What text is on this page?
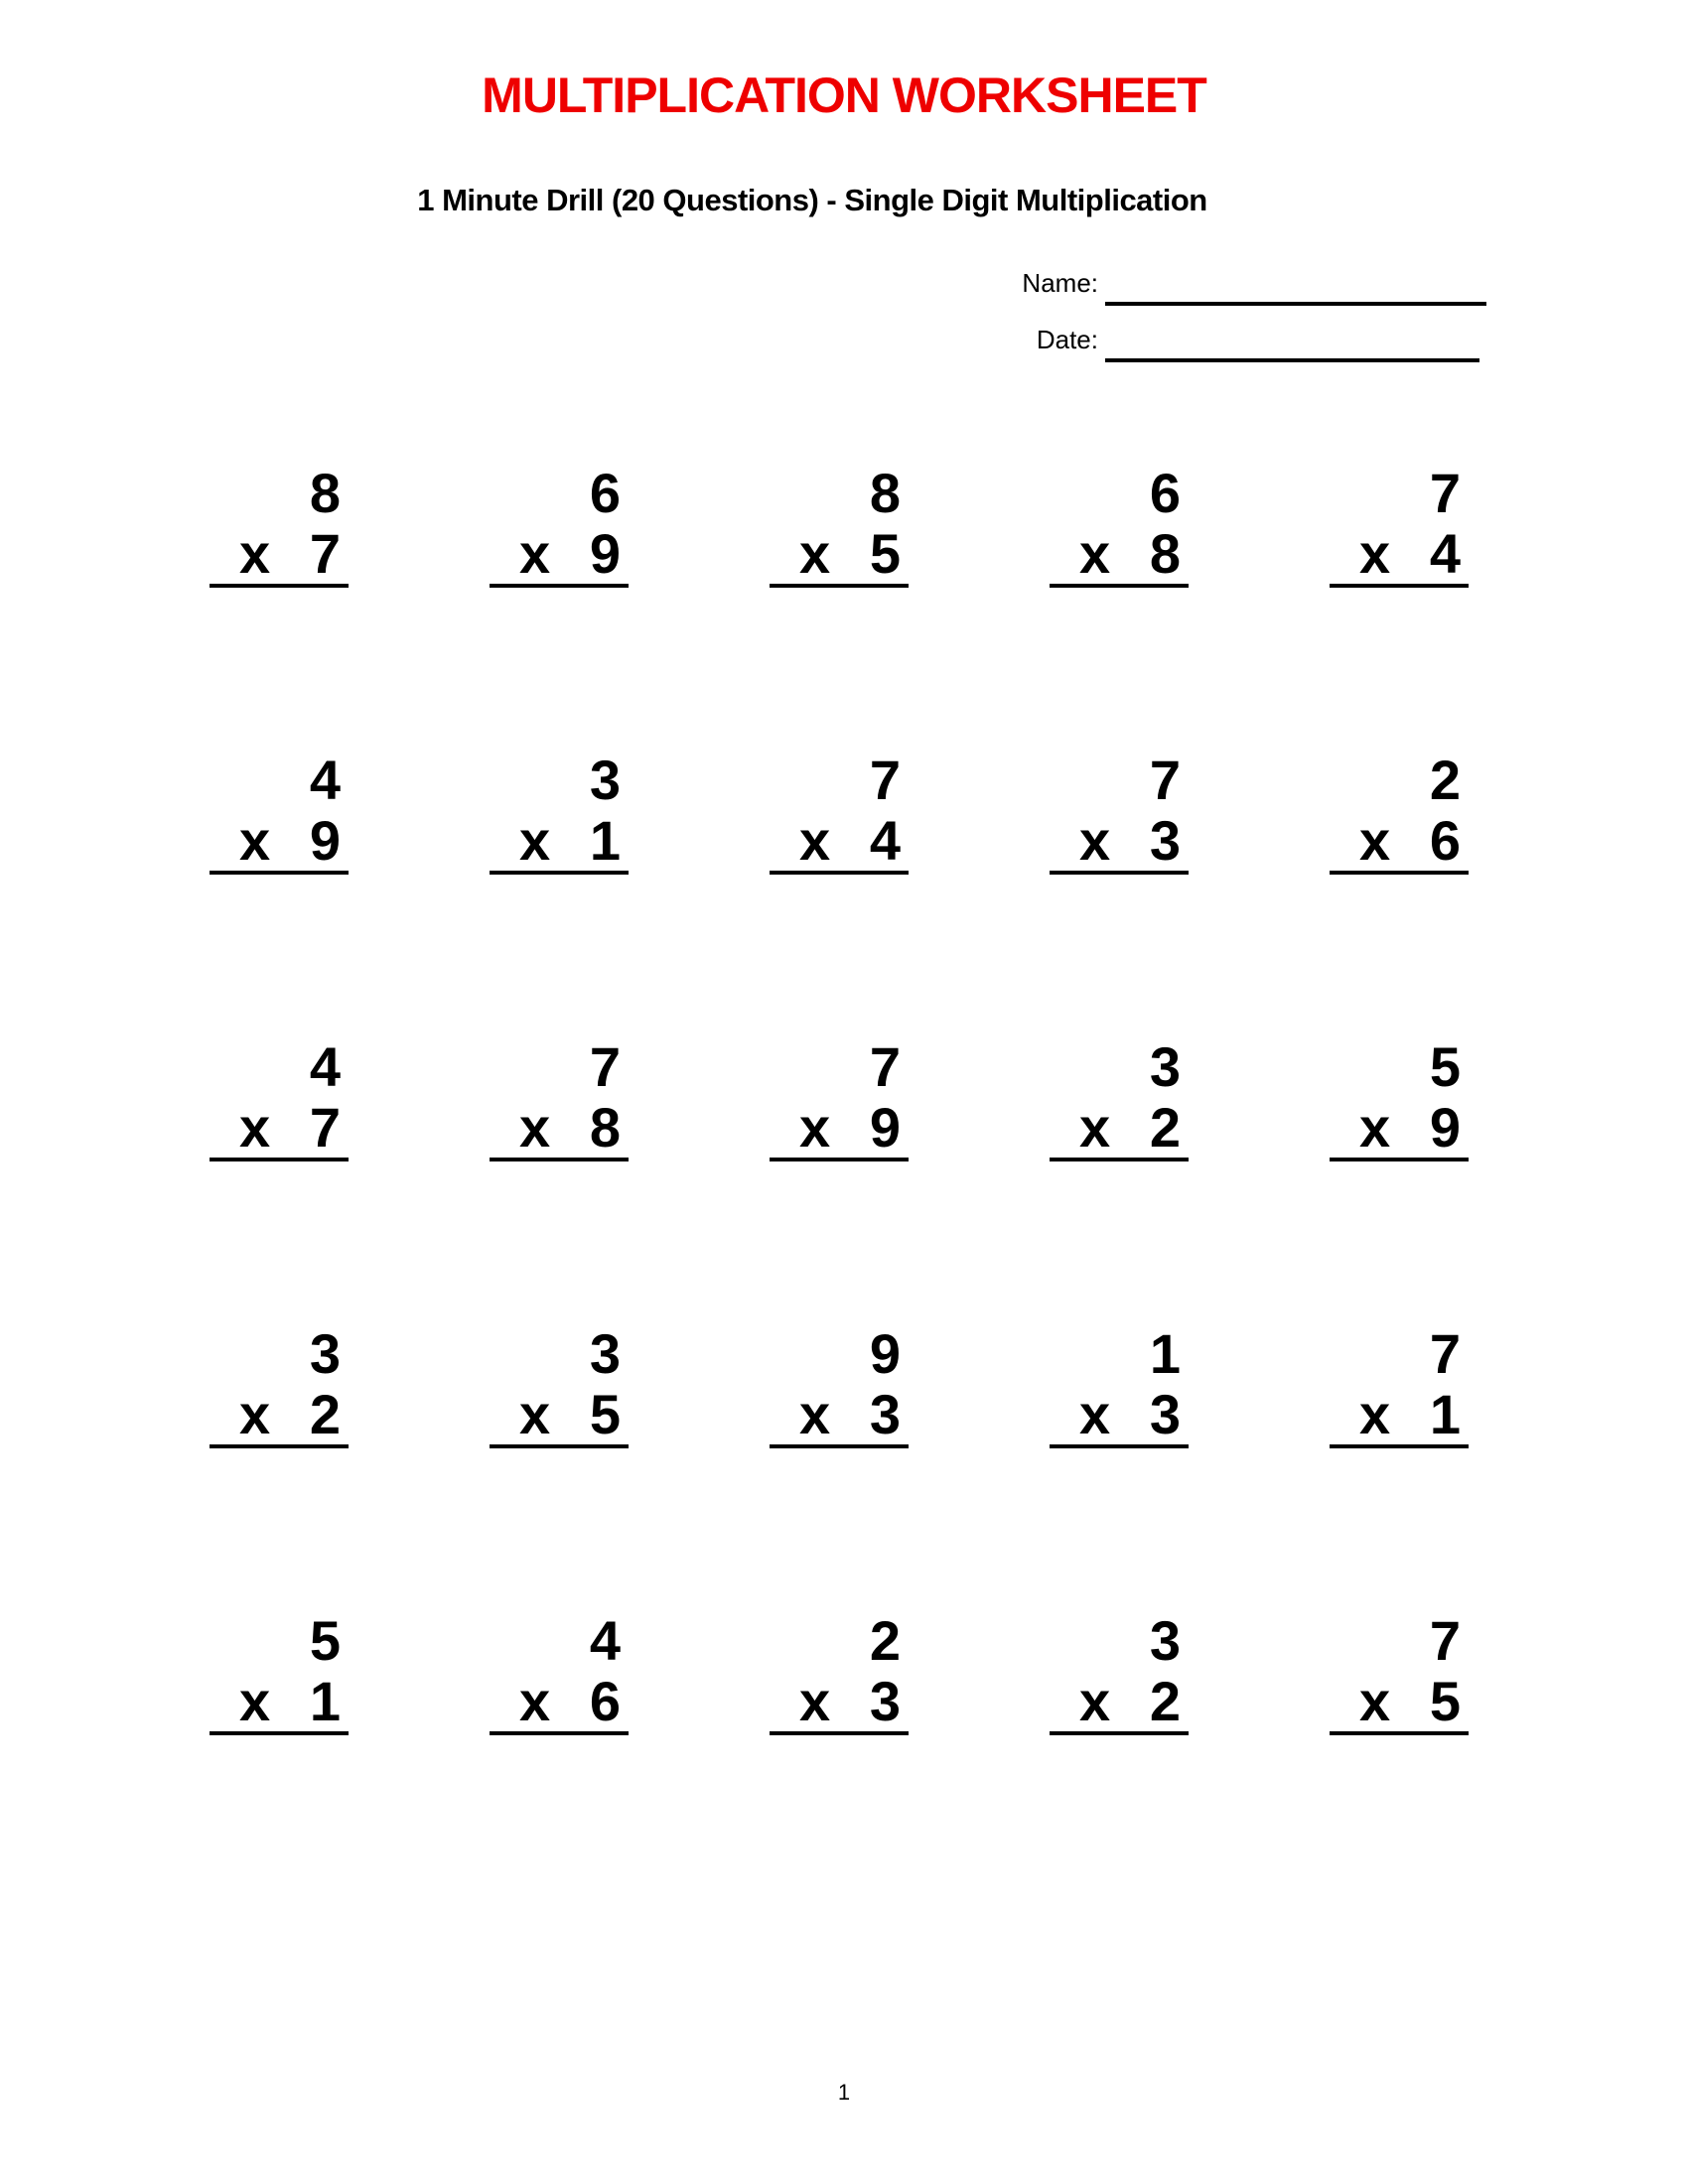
MULTIPLICATION WORKSHEET
1 Minute Drill (20 Questions) - Single Digit Multiplication
Name:
Date:
8
x 7
6
x 9
8
x 5
6
x 8
7
x 4
4
x 9
3
x 1
7
x 4
7
x 3
2
x 6
4
x 7
7
x 8
7
x 9
3
x 2
5
x 9
3
x 2
3
x 5
9
x 3
1
x 3
7
x 1
5
x 1
4
x 6
2
x 3
3
x 2
7
x 5
1
